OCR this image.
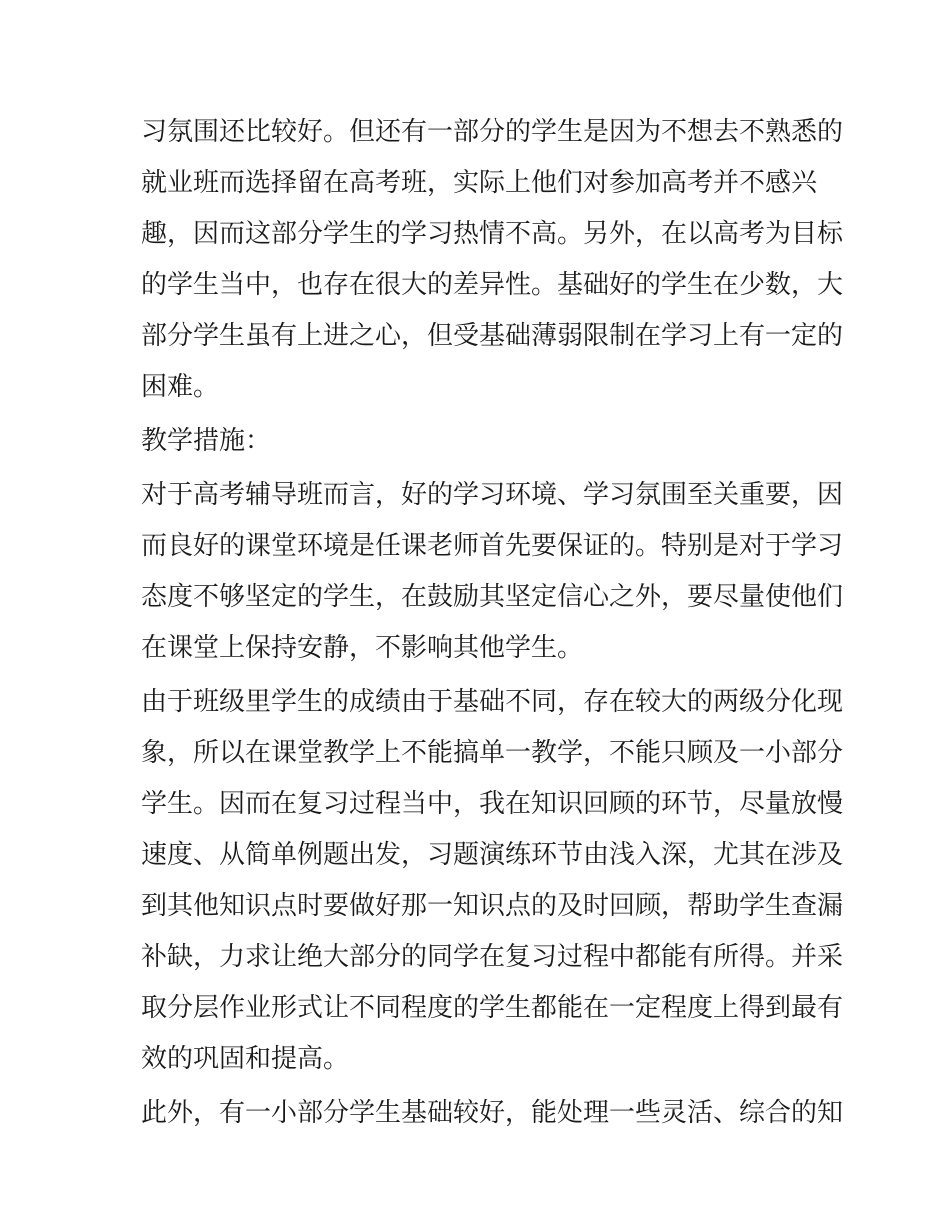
习氛围还比较好。但还有一部分的学生是因为不想去不熟悉的
就业班而选择留在高考班，实际上他们对参加高考并不感兴
趣，因而这部分学生的学习热情不高。另外，在以高考为目标
的学生当中，也存在很大的差异性。基础好的学生在少数，大
部分学生虽有上进之心，但受基础薄弱限制在学习上有一定的
困难。
教学措施：
对于高考辅导班而言，好的学习环境、学习氛围至关重要，因
而良好的课堂环境是任课老师首先要保证的。特别是对于学习
态度不够坚定的学生，在鼓励其坚定信心之外，要尽量使他们
在课堂上保持安静，不影响其他学生。
由于班级里学生的成绩由于基础不同，存在较大的两级分化现
象，所以在课堂教学上不能搞单一教学，不能只顾及一小部分
学生。因而在复习过程当中，我在知识回顾的环节，尽量放慢
速度、从简单例题出发，习题演练环节由浅入深，尤其在涉及
到其他知识点时要做好那一知识点的及时回顾，帮助学生查漏
补缺，力求让绝大部分的同学在复习过程中都能有所得。并采
取分层作业形式让不同程度的学生都能在一定程度上得到最有
效的巩固和提高。
此外，有一小部分学生基础较好，能处理一些灵活、综合的知
